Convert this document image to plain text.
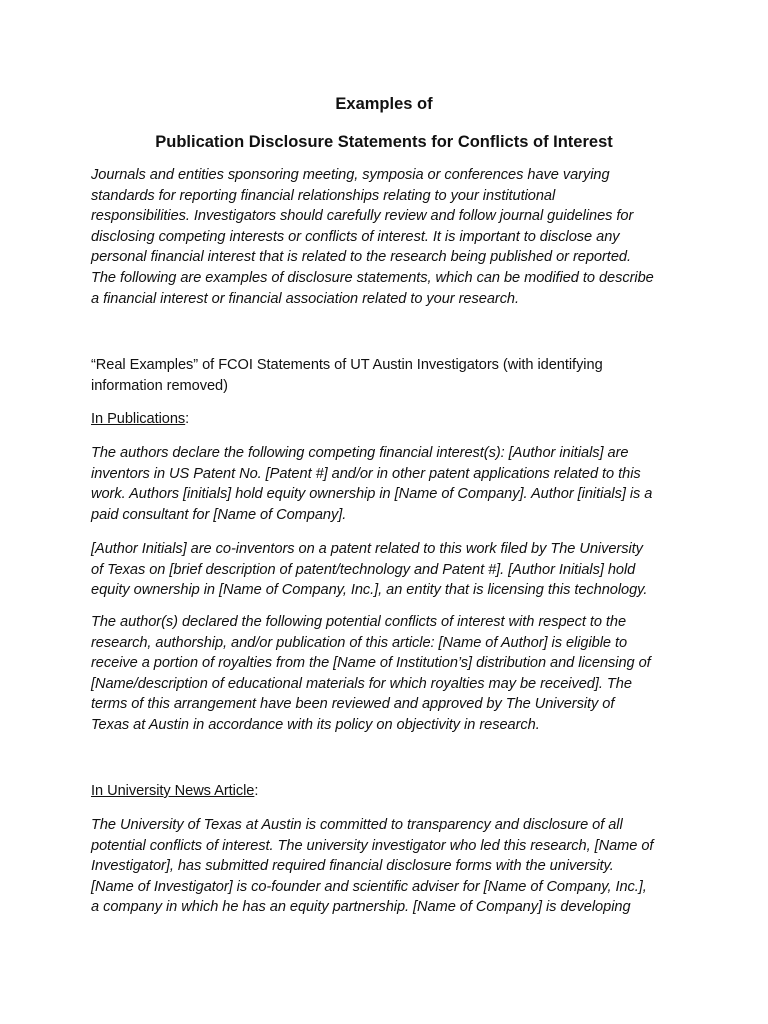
Examples of

Publication Disclosure Statements for Conflicts of Interest

Journals and entities sponsoring meeting, symposia or conferences have varying
standards for reporting financial relationships relating to your institutional
responsibilities. Investigators should carefully review and follow journal guidelines for
disclosing competing interests or conflicts of interest. It is important to disclose any
personal financial interest that is related to the research being published or reported.
The following are examples of disclosure statements, which can be modified to describe
a financial interest or financial association related to your research.

“Real Examples” of FCOI Statements of UT Austin Investigators (with identifying
information removed)

In Publications:

The authors declare the following competing financial interest(s): [Author initials] are
inventors in US Patent No. [Patent #] and/or in other patent applications related to this
work. Authors [initials] hold equity ownership in [Name of Company]. Author [initials] is a
paid consultant for [Name of Company].

[Author Initials] are co-inventors on a patent related to this work filed by The University
of Texas on [brief description of patent/technology and Patent #]. [Author Initials] hold
equity ownership in [Name of Company, Inc.], an entity that is licensing this technology.

The author(s) declared the following potential conflicts of interest with respect to the
research, authorship, and/or publication of this article: [Name of Author] is eligible to
receive a portion of royalties from the [Name of Institution’s] distribution and licensing of
[Name/description of educational materials for which royalties may be received]. The
terms of this arrangement have been reviewed and approved by The University of
Texas at Austin in accordance with its policy on objectivity in research.

In University News Article:

The University of Texas at Austin is committed to transparency and disclosure of all
potential conflicts of interest. The university investigator who led this research, [Name of
Investigator], has submitted required financial disclosure forms with the university.
[Name of Investigator] is co-founder and scientific adviser for [Name of Company, Inc.],
a company in which he has an equity partnership. [Name of Company] is developing
